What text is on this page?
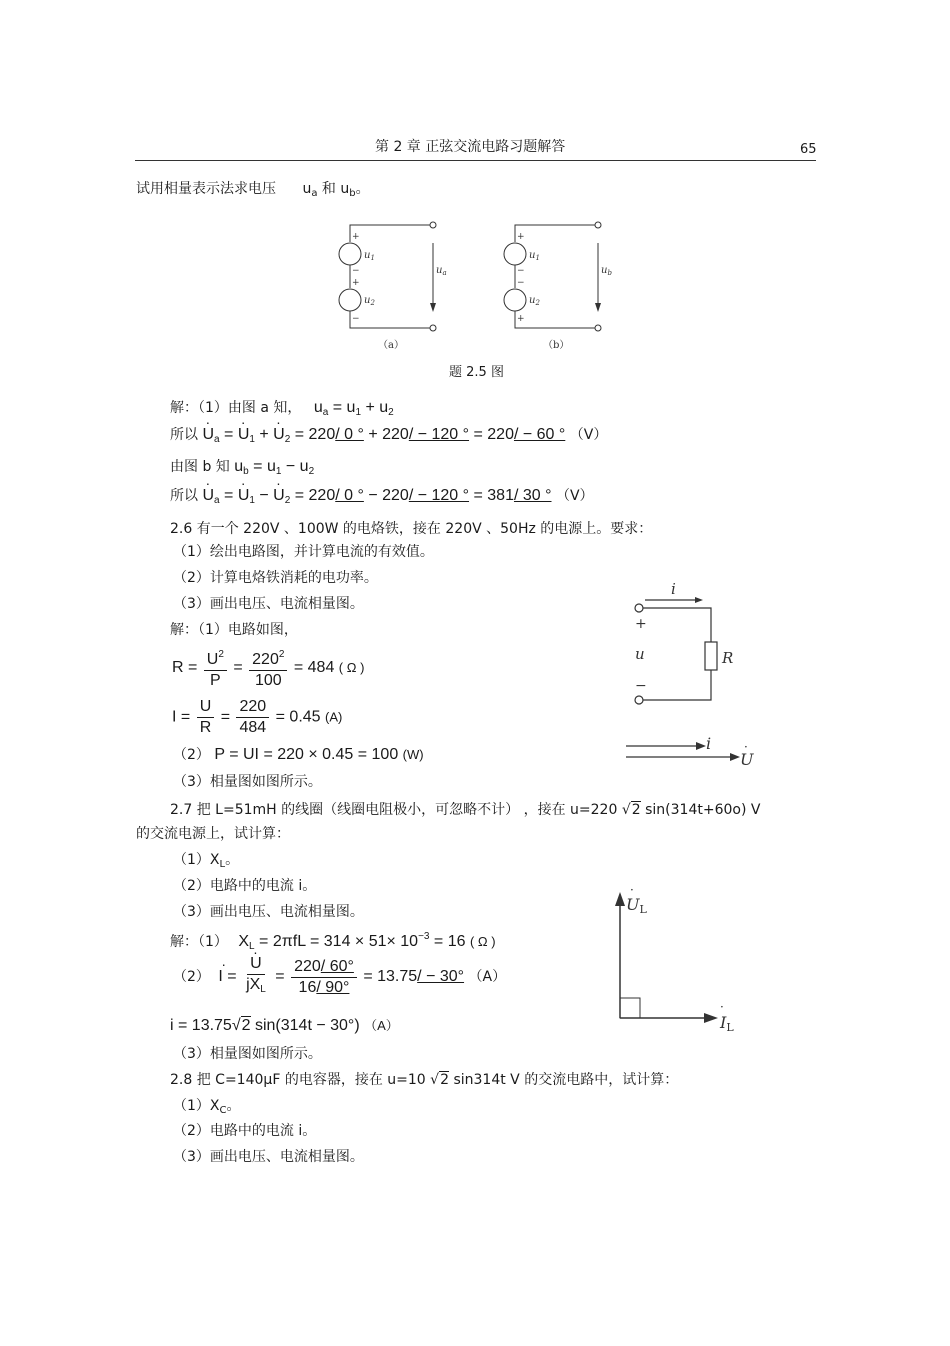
第 2 章 正弦交流电路习题解答	65
试用相量表示法求电压 $u_a$ 和 $u_b$。
+
−
+
−
+
−
−
+
$u_1$
$u_2$
$u_a$
$u_1$
$u_2$
$u_b$
（a）	（b）
题 2.5 图
解：（1）由图 a 知， $u_a = u_1 + u_2$
所以 · $U_a$ = · $U_1$ + · $U_2 = 220/$ 0 ° + 220/ − 120 ° = 220/ − 60 ° （V）
由图 b 知 $u_b = u_1 - u_2$
所以 · $U_a$ = · $U_1$ − · $U_2 = 220/$ 0 ° − 220/ − 120 ° = 381/ 30 ° （V）
2.6 有一个 220V 、100W 的电烙铁，接在 220V 、50Hz 的电源上。要求：
（1）绘出电路图，并计算电流的有效值。
（2）计算电烙铁消耗的电功率。
（3）画出电压、电流相量图。
解：（1）电路如图，
$R = \frac{U^2}{P} = \frac{220^2}{100} = 484$ ( Ω )
$I = \frac{U}{R} = \frac{220}{484} = 0.45$ (A)
（2） P = UI = 220 × 0.45 = 100 (W)
（3）相量图如图所示。
i
u	R
+
−
i
U
·
2.7 把 L=51mH 的线圈（线圈电阻极小，可忽略不计） ，接在 u=220 √2 sin(314t+60o) V
的交流电源上，试计算：
$(1)X_L$。
（2）电路中的电流 i。
（3）画出电压、电流相量图。
解：（1） $X_L = 2\pi fL = 314 \times 51\times 10^{-3} = 16$ ( Ω )
（2） · I = · $\frac{U}{jX_L} = \frac{220/ 60^\circ}{16/ 90^\circ} = 13.75/ - 30^\circ$ （A）
i = 13.75√2 sin(314t − 30°) （A）
（3）相量图如图所示。
UL
·
IL
·
2.8 把 C=140μF 的电容器，接在 u=10 √2 sin314t V 的交流电路中，试计算：
$(1)X_C$。
（2）电路中的电流 i。
（3）画出电压、电流相量图。
